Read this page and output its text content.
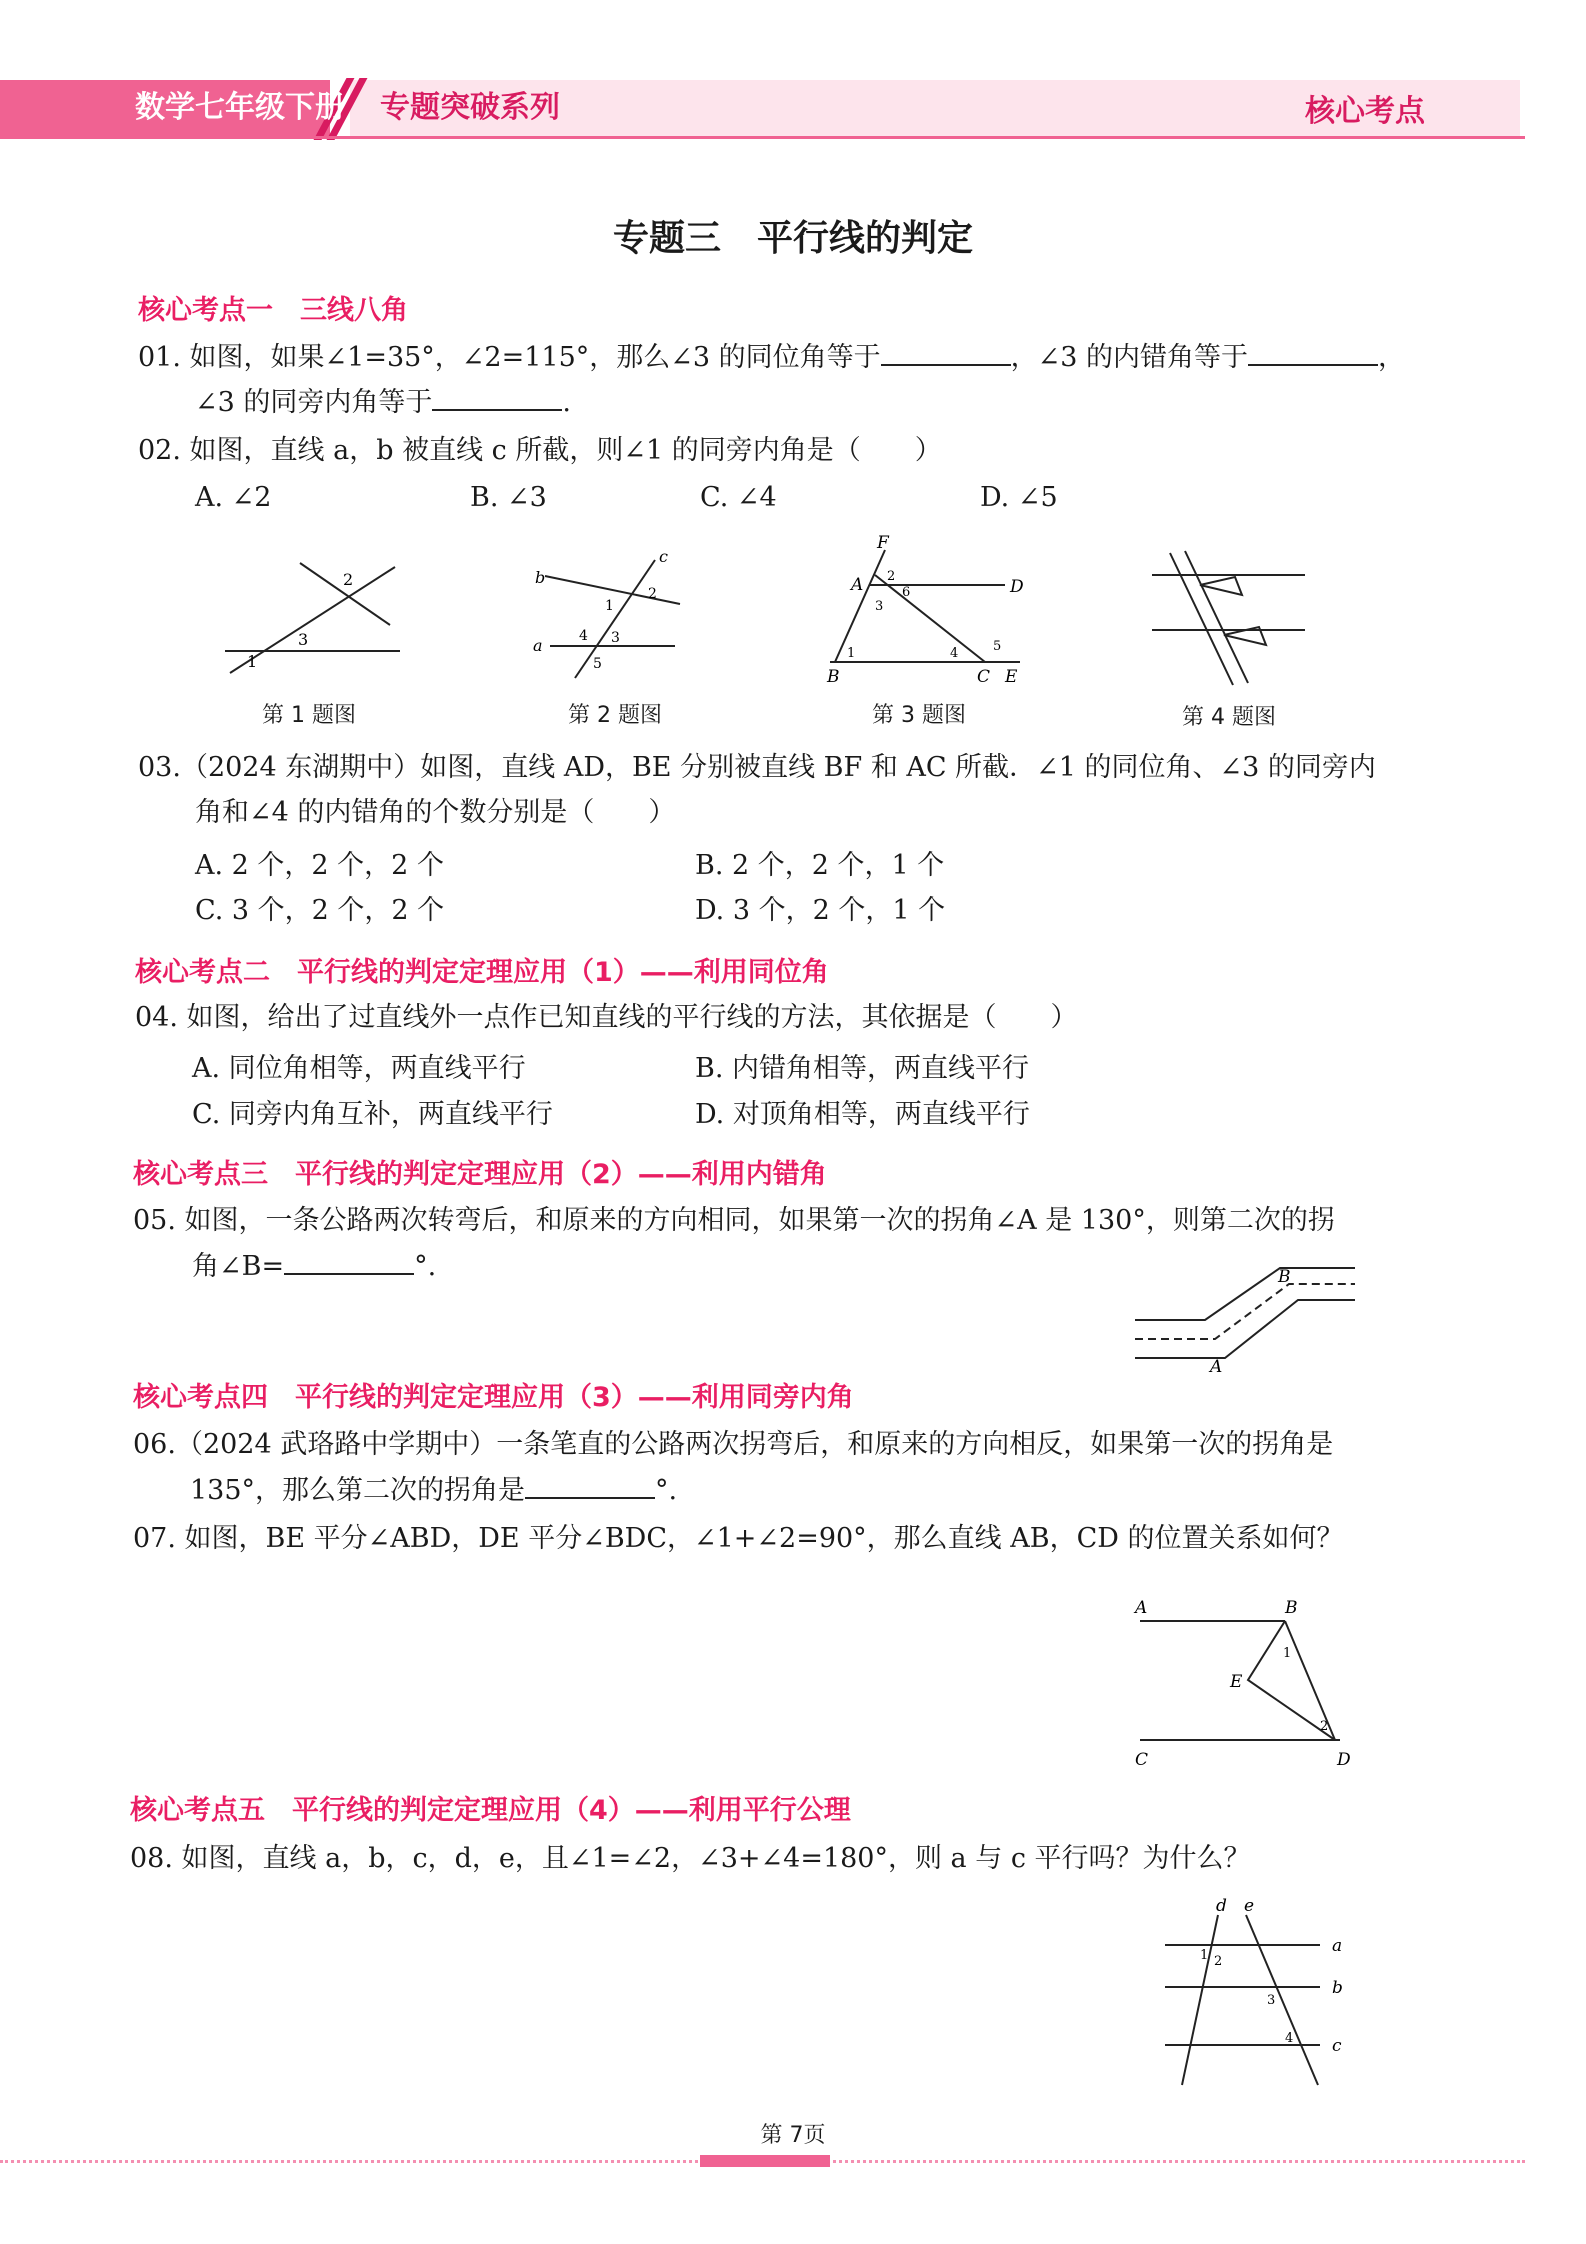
数学七年级下册 专题突破系列	核心考点
专题三　平行线的判定
核心考点一　三线八角
01. 如图，如果∠1=35°，∠2=115°，那么∠3 的同位角等于	，∠3 的内错角等于	，
∠3 的同旁内角等于	.
02. 如图，直线 a，b 被直线 c 所截，则∠1 的同旁内角是（　　）
A. ∠2	B. ∠3	C. ∠4	D. ∠5
1
2
3
第 1 题图
a
b
c
1
2
3
4
5
第 2 题图
F
A	D
B	C E
1
2
3
4	5
6
第 3 题图	第 4 题图
03.（2024 东湖期中）如图，直线 AD，BE 分别被直线 BF 和 AC 所截．∠1 的同位角、∠3 的同旁内
角和∠4 的内错角的个数分别是（　　）
A. 2 个，2 个，2 个	B. 2 个，2 个，1 个
C. 3 个，2 个，2 个	D. 3 个，2 个，1 个
核心考点二　平行线的判定定理应用（1）——利用同位角
04. 如图，给出了过直线外一点作已知直线的平行线的方法，其依据是（　　）
A. 同位角相等，两直线平行	B. 内错角相等，两直线平行
C. 同旁内角互补，两直线平行	D. 对顶角相等，两直线平行
核心考点三　平行线的判定定理应用（2）——利用内错角
05. 如图，一条公路两次转弯后，和原来的方向相同，如果第一次的拐角∠A 是 130°，则第二次的拐
角∠B=	°.
A
B
核心考点四　平行线的判定定理应用（3）——利用同旁内角
06.（2024 武珞路中学期中）一条笔直的公路两次拐弯后，和原来的方向相反，如果第一次的拐角是
135°，那么第二次的拐角是	°.
07. 如图，BE 平分∠ABD，DE 平分∠BDC，∠1+∠2=90°，那么直线 AB，CD 的位置关系如何？
A	B
C	D
E
1
2
核心考点五　平行线的判定定理应用（4）——利用平行公理
08. 如图，直线 a，b，c，d，e，且∠1=∠2，∠3+∠4=180°，则 a 与 c 平行吗？为什么？
d e
a
b
c
1 2
3
4
第 7页
